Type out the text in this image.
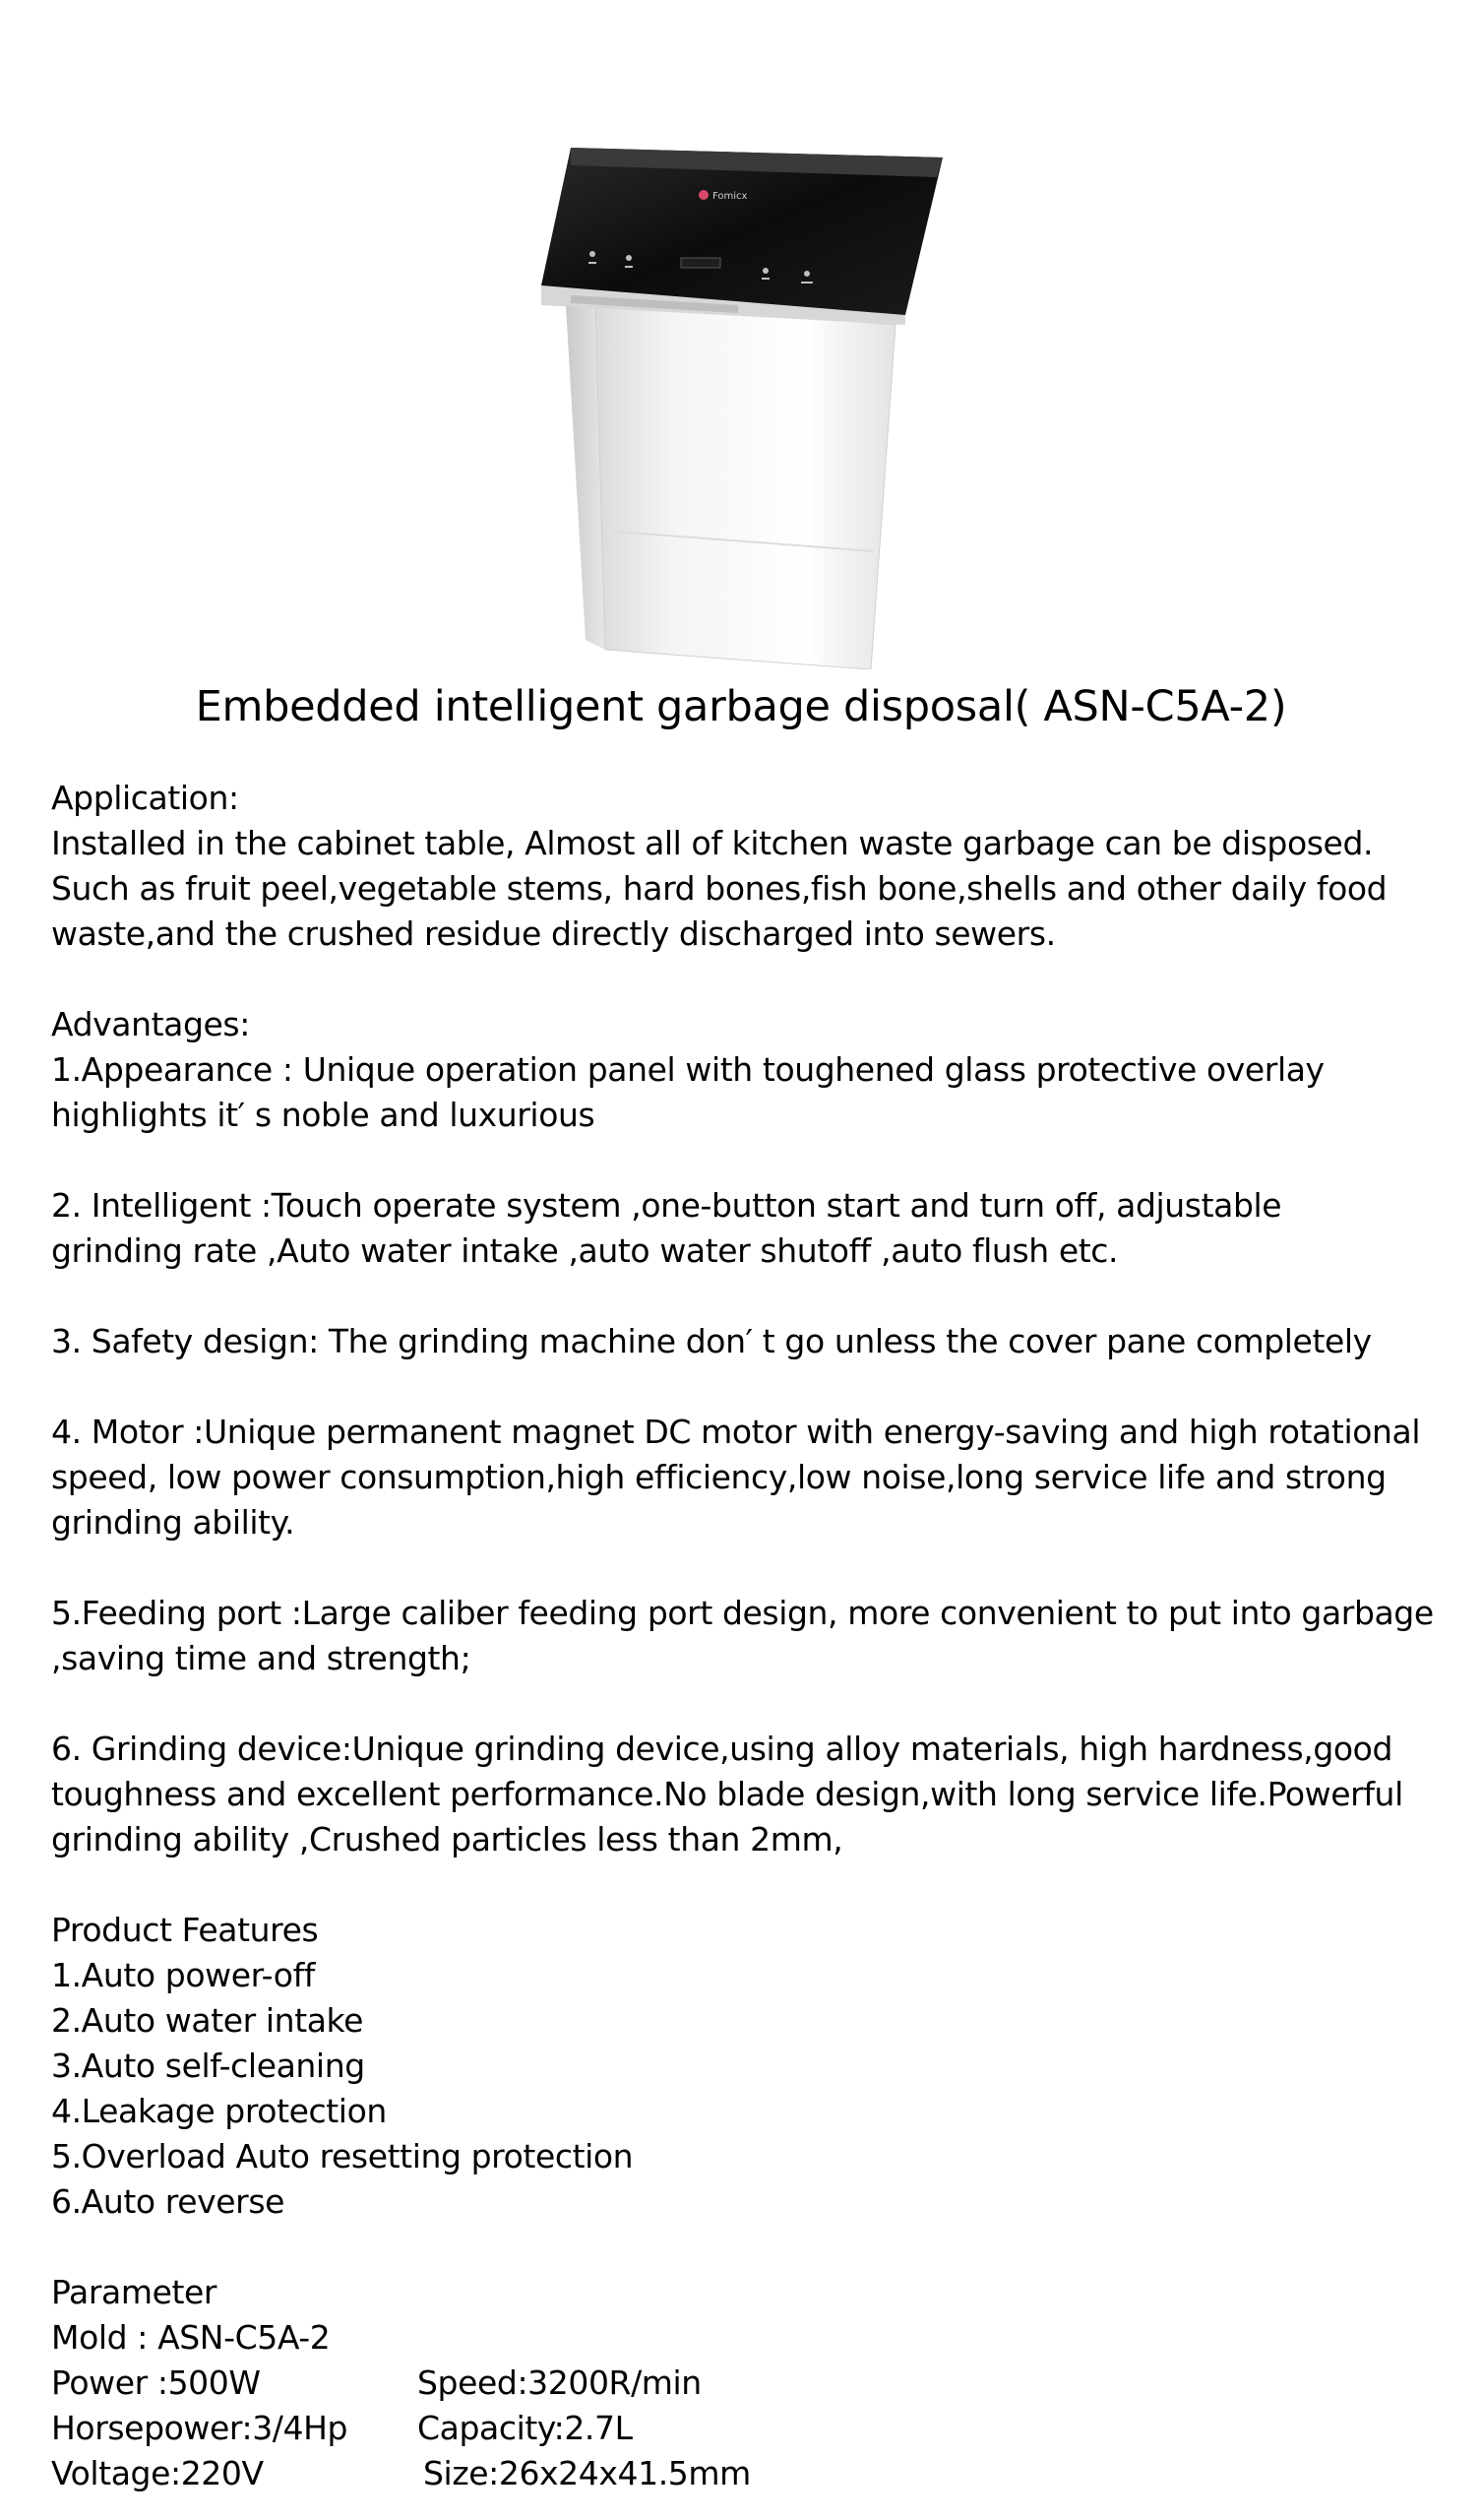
Fomicx
Embedded intelligent garbage disposal( ASN-C5A-2)
Application:
Installed in the cabinet table, Almost all of kitchen waste garbage can be disposed.
Such as fruit peel,vegetable stems, hard bones,fish bone,shells and other daily food
waste,and the crushed residue directly discharged into sewers.
Advantages:
1.Appearance : Unique operation panel with toughened glass protective overlay
highlights it′ s noble and luxurious
2. Intelligent :Touch operate system ,one-button start and turn off, adjustable
grinding rate ,Auto water intake ,auto water shutoff ,auto flush etc.
3. Safety design: The grinding machine don′ t go unless the cover pane completely
4. Motor :Unique permanent magnet DC motor with energy-saving and high rotational
speed, low power consumption,high efficiency,low noise,long service life and strong
grinding ability.
5.Feeding port :Large caliber feeding port design, more convenient to put into garbage
,saving time and strength;
6. Grinding device:Unique grinding device,using alloy materials, high hardness,good
toughness and excellent performance.No blade design,with long service life.Powerful
grinding ability ,Crushed particles less than 2mm,
Product Features
1.Auto power-off
2.Auto water intake
3.Auto self-cleaning
4.Leakage protection
5.Overload Auto resetting protection
6.Auto reverse
Parameter
Mold : ASN-C5A-2
Power :500W	Speed:3200R/min
Horsepower:3/4Hp Capacity:2.7L
Voltage:220V	Size:26x24x41.5mm
